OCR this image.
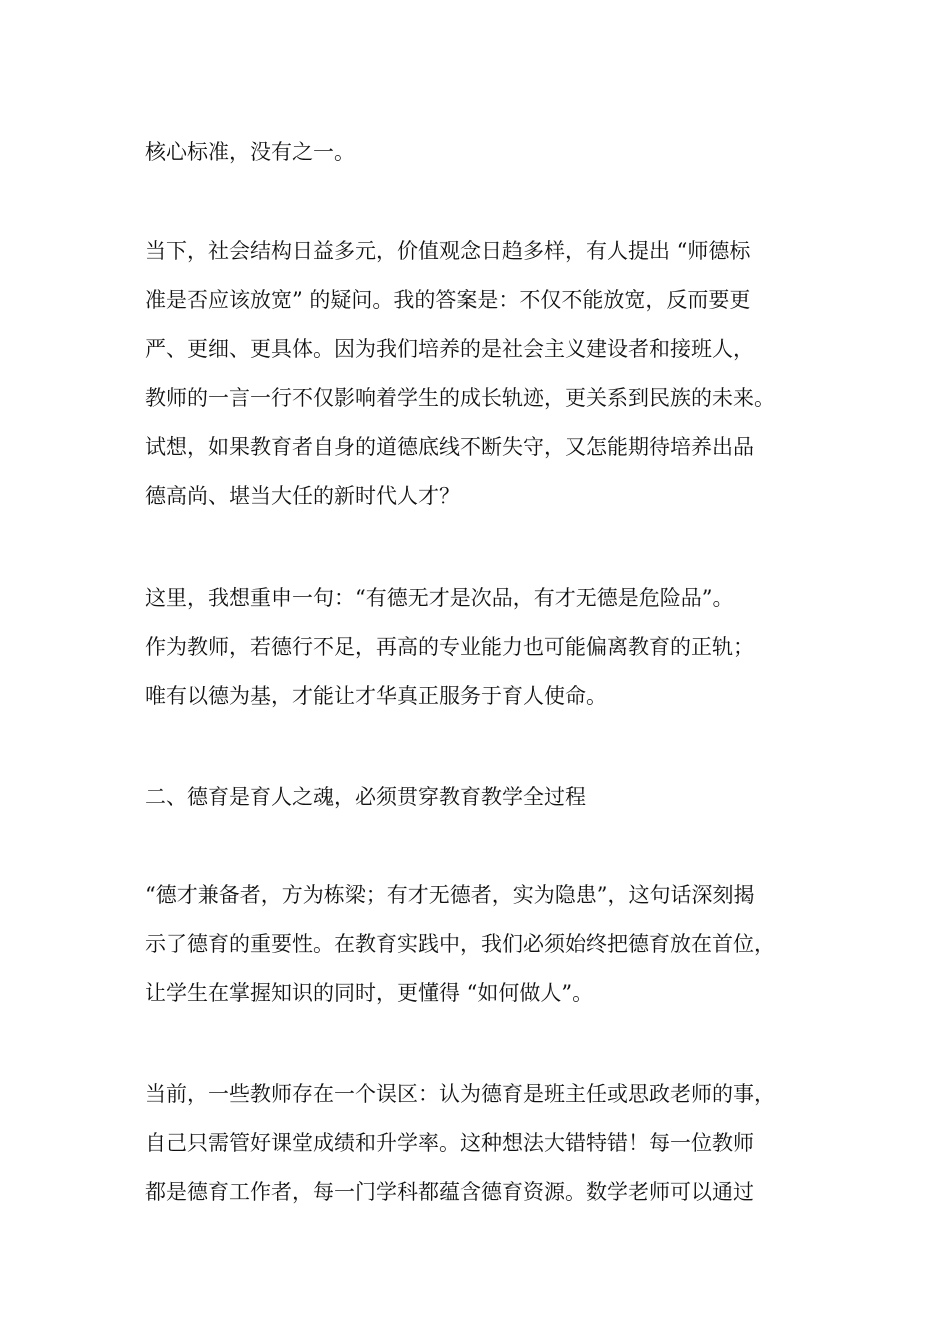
核心标准，没有之一。
当下，社会结构日益多元，价值观念日趋多样，有人提出 “师德标
准是否应该放宽” 的疑问。我的答案是：不仅不能放宽，反而要更
严、更细、更具体。因为我们培养的是社会主义建设者和接班人，
教师的一言一行不仅影响着学生的成长轨迹，更关系到民族的未来。
试想，如果教育者自身的道德底线不断失守，又怎能期待培养出品
德高尚、堪当大任的新时代人才？
这里，我想重申一句：“有德无才是次品，有才无德是危险品”。
作为教师，若德行不足，再高的专业能力也可能偏离教育的正轨；
唯有以德为基，才能让才华真正服务于育人使命。
二、德育是育人之魂，必须贯穿教育教学全过程
“德才兼备者，方为栋梁；有才无德者，实为隐患”，这句话深刻揭
示了德育的重要性。在教育实践中，我们必须始终把德育放在首位，
让学生在掌握知识的同时，更懂得 “如何做人”。
当前，一些教师存在一个误区：认为德育是班主任或思政老师的事，
自己只需管好课堂成绩和升学率。这种想法大错特错！每一位教师
都是德育工作者，每一门学科都蕴含德育资源。数学老师可以通过
